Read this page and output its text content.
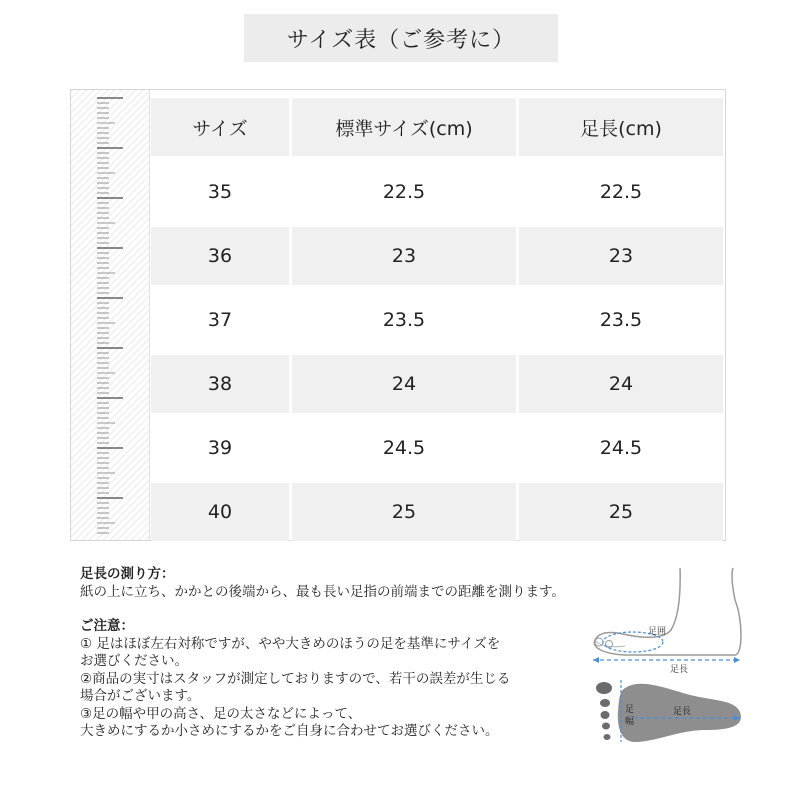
サイズ表（ご参考に）
サイズ	標準サイズ(cm)	足長(cm)
35	22.5	22.5
36	23	23
37	23.5	23.5
38	24	24
39	24.5	24.5
40	25	25
足長の測り方：
紙の上に立ち、かかとの後端から、最も長い足指の前端までの距離を測ります。
ご注意：
① 足はほぼ左右対称ですが、やや大きめのほうの足を基準にサイズを
お選びください。
②商品の実寸はスタッフが測定しておりますので、若干の誤差が生じる
場合がございます。
③足の幅や甲の高さ、足の太さなどによって、
大きめにするか小さめにするかをご自身に合わせてお選びください。
足囲
足長
足
幅
足長
